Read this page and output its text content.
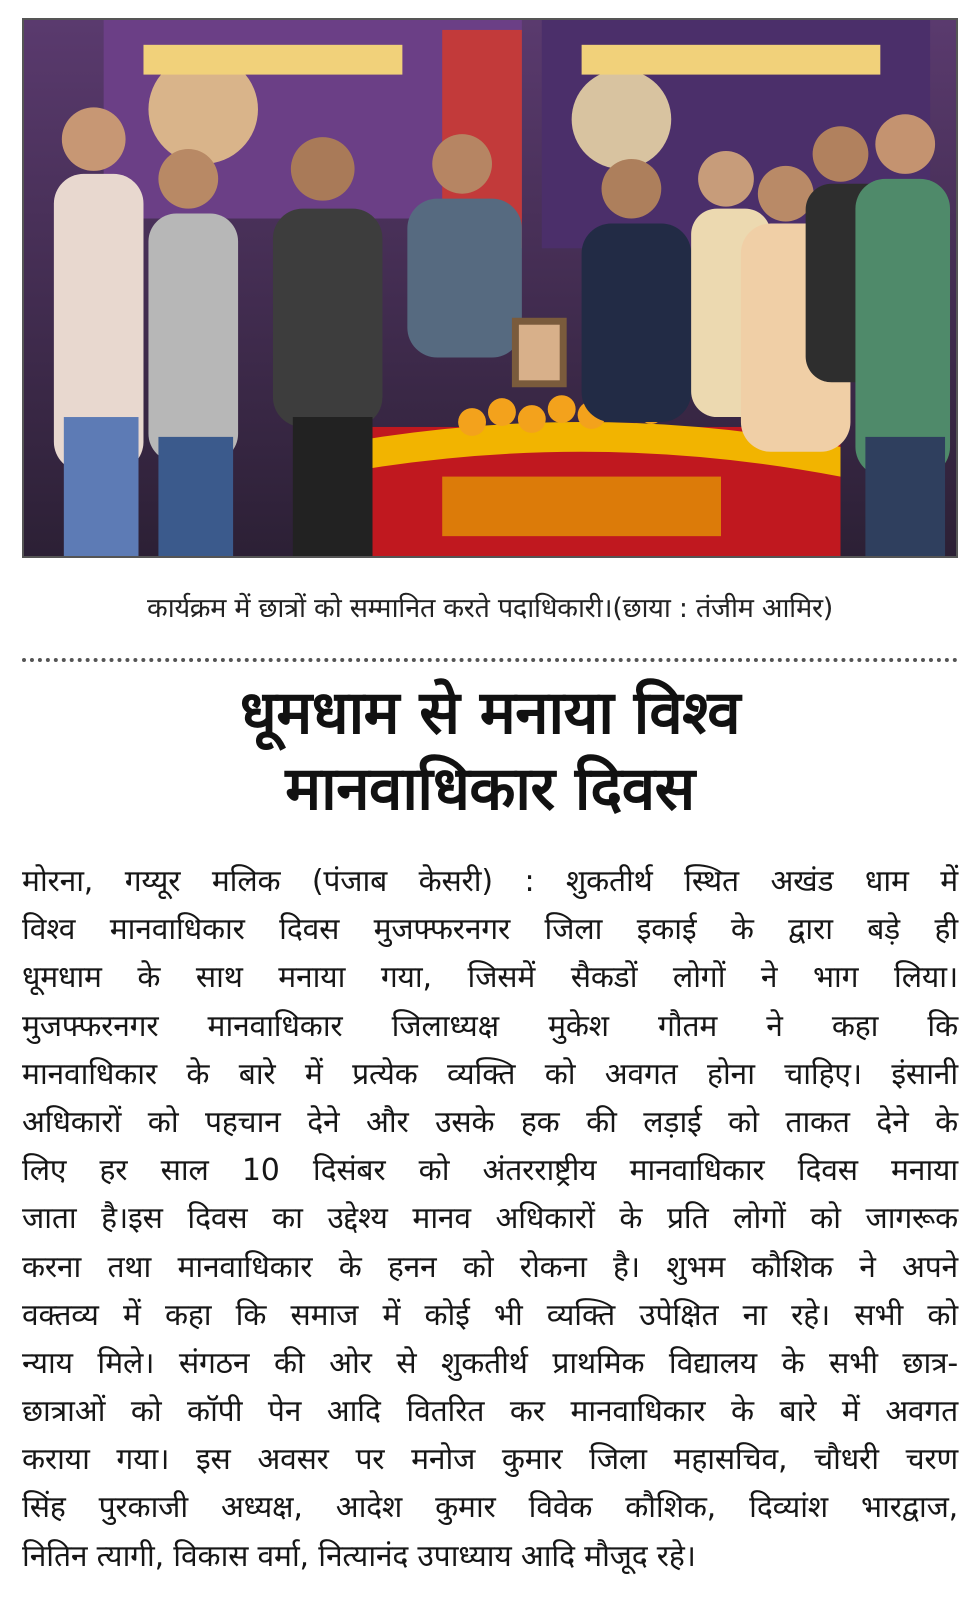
कार्यक्रम में छात्रों को सम्मानित करते पदाधिकारी।(छाया : तंजीम आमिर)
धूमधाम से मनाया विश्व
मानवाधिकार दिवस
मोरना, गय्यूर मलिक (पंजाब केसरी) : शुकतीर्थ स्थित अखंड धाम में
विश्व मानवाधिकार दिवस मुजफ्फरनगर जिला इकाई के द्वारा बड़े ही
धूमधाम के साथ मनाया गया, जिसमें सैकडों लोगों ने भाग लिया।
मुजफ्फरनगर मानवाधिकार जिलाध्यक्ष मुकेश गौतम ने कहा कि
मानवाधिकार के बारे में प्रत्येक व्यक्ति को अवगत होना चाहिए। इंसानी
अधिकारों को पहचान देने और उसके हक की लड़ाई को ताकत देने के
लिए हर साल 10 दिसंबर को अंतरराष्ट्रीय मानवाधिकार दिवस मनाया
जाता है।इस दिवस का उद्देश्य मानव अधिकारों के प्रति लोगों को जागरूक
करना तथा मानवाधिकार के हनन को रोकना है। शुभम कौशिक ने अपने
वक्तव्य में कहा कि समाज में कोई भी व्यक्ति उपेक्षित ना रहे। सभी को
न्याय मिले। संगठन की ओर से शुकतीर्थ प्राथमिक विद्यालय के सभी छात्र-
छात्राओं को कॉपी पेन आदि वितरित कर मानवाधिकार के बारे में अवगत
कराया गया। इस अवसर पर मनोज कुमार जिला महासचिव, चौधरी चरण
सिंह पुरकाजी अध्यक्ष, आदेश कुमार विवेक कौशिक, दिव्यांश भारद्वाज,
नितिन त्यागी, विकास वर्मा, नित्यानंद उपाध्याय आदि मौजूद रहे।
